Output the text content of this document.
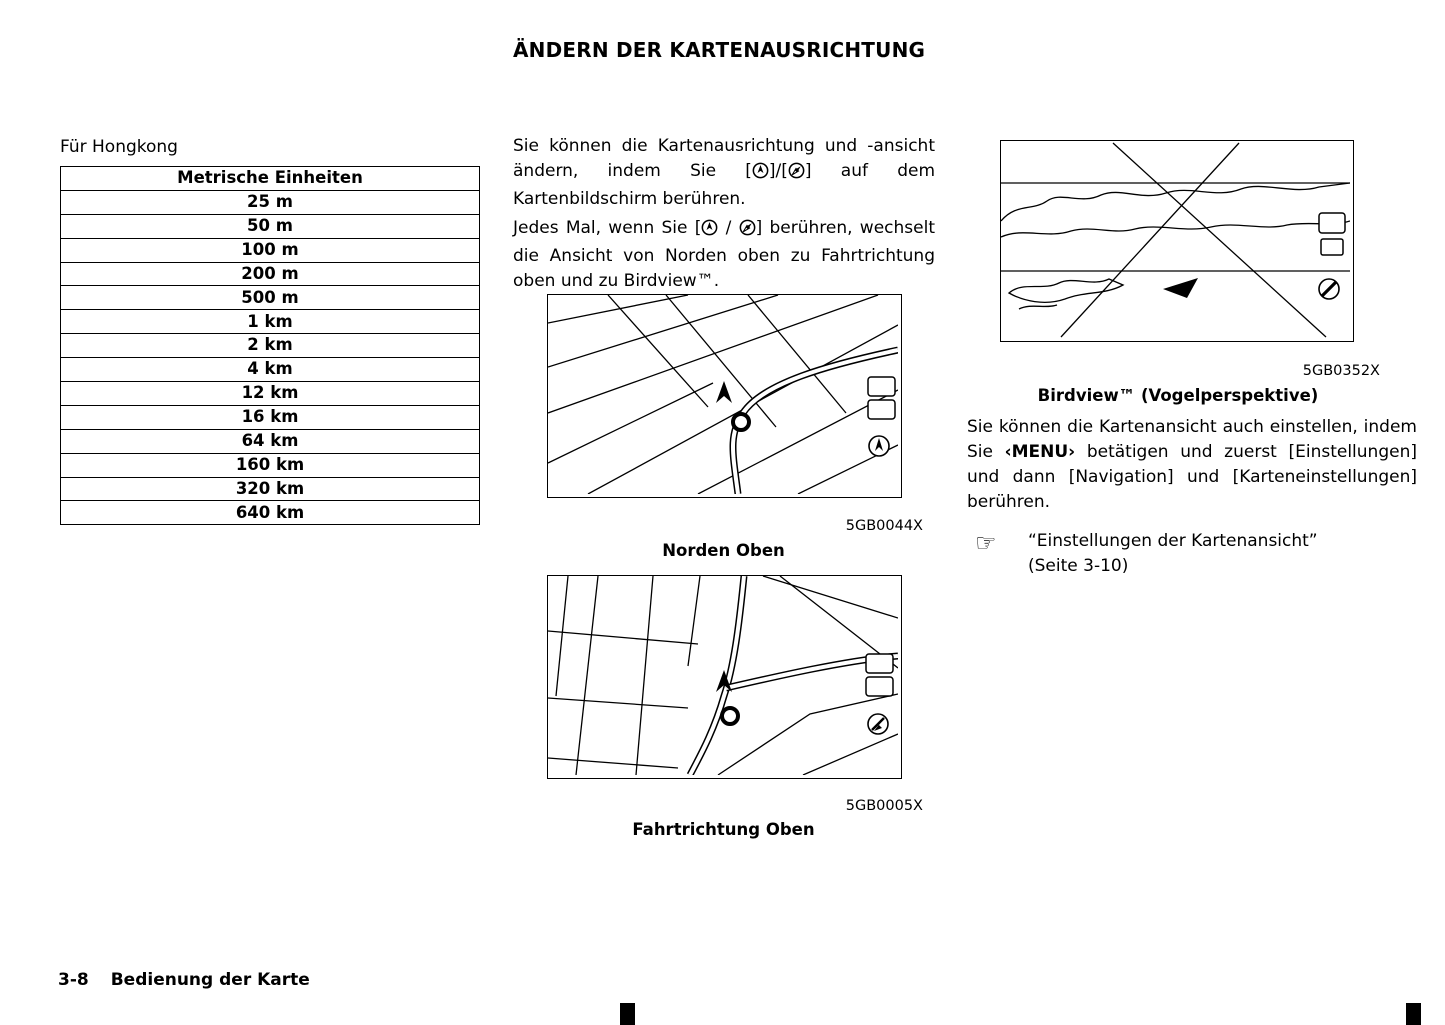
ÄNDERN DER KARTENAUSRICHTUNG
Für Hongkong
Metrische Einheiten
25 m
50 m
100 m
200 m
500 m
1 km
2 km
4 km
12 km
16 km
64 km
160 km
320 km
640 km
Sie können die Kartenausrichtung und -ansicht ändern, indem Sie [ ]/[ ] auf dem Kartenbildschirm berühren.
Jedes Mal, wenn Sie [ / ] berühren, wechselt die Ansicht von Norden oben zu Fahrtrichtung oben und zu Birdview™.
5GB0044X
Norden Oben
5GB0005X
Fahrtrichtung Oben
5GB0352X
Birdview™ (Vogelperspektive)
Sie können die Kartenansicht auch einstellen, indem Sie ‹MENU› betätigen und zuerst [Einstellungen] und dann [Navigation] und [Karteneinstellungen] berühren.
☞ “Einstellungen der Kartenansicht”
(Seite 3-10)
3-8 Bedienung der Karte
